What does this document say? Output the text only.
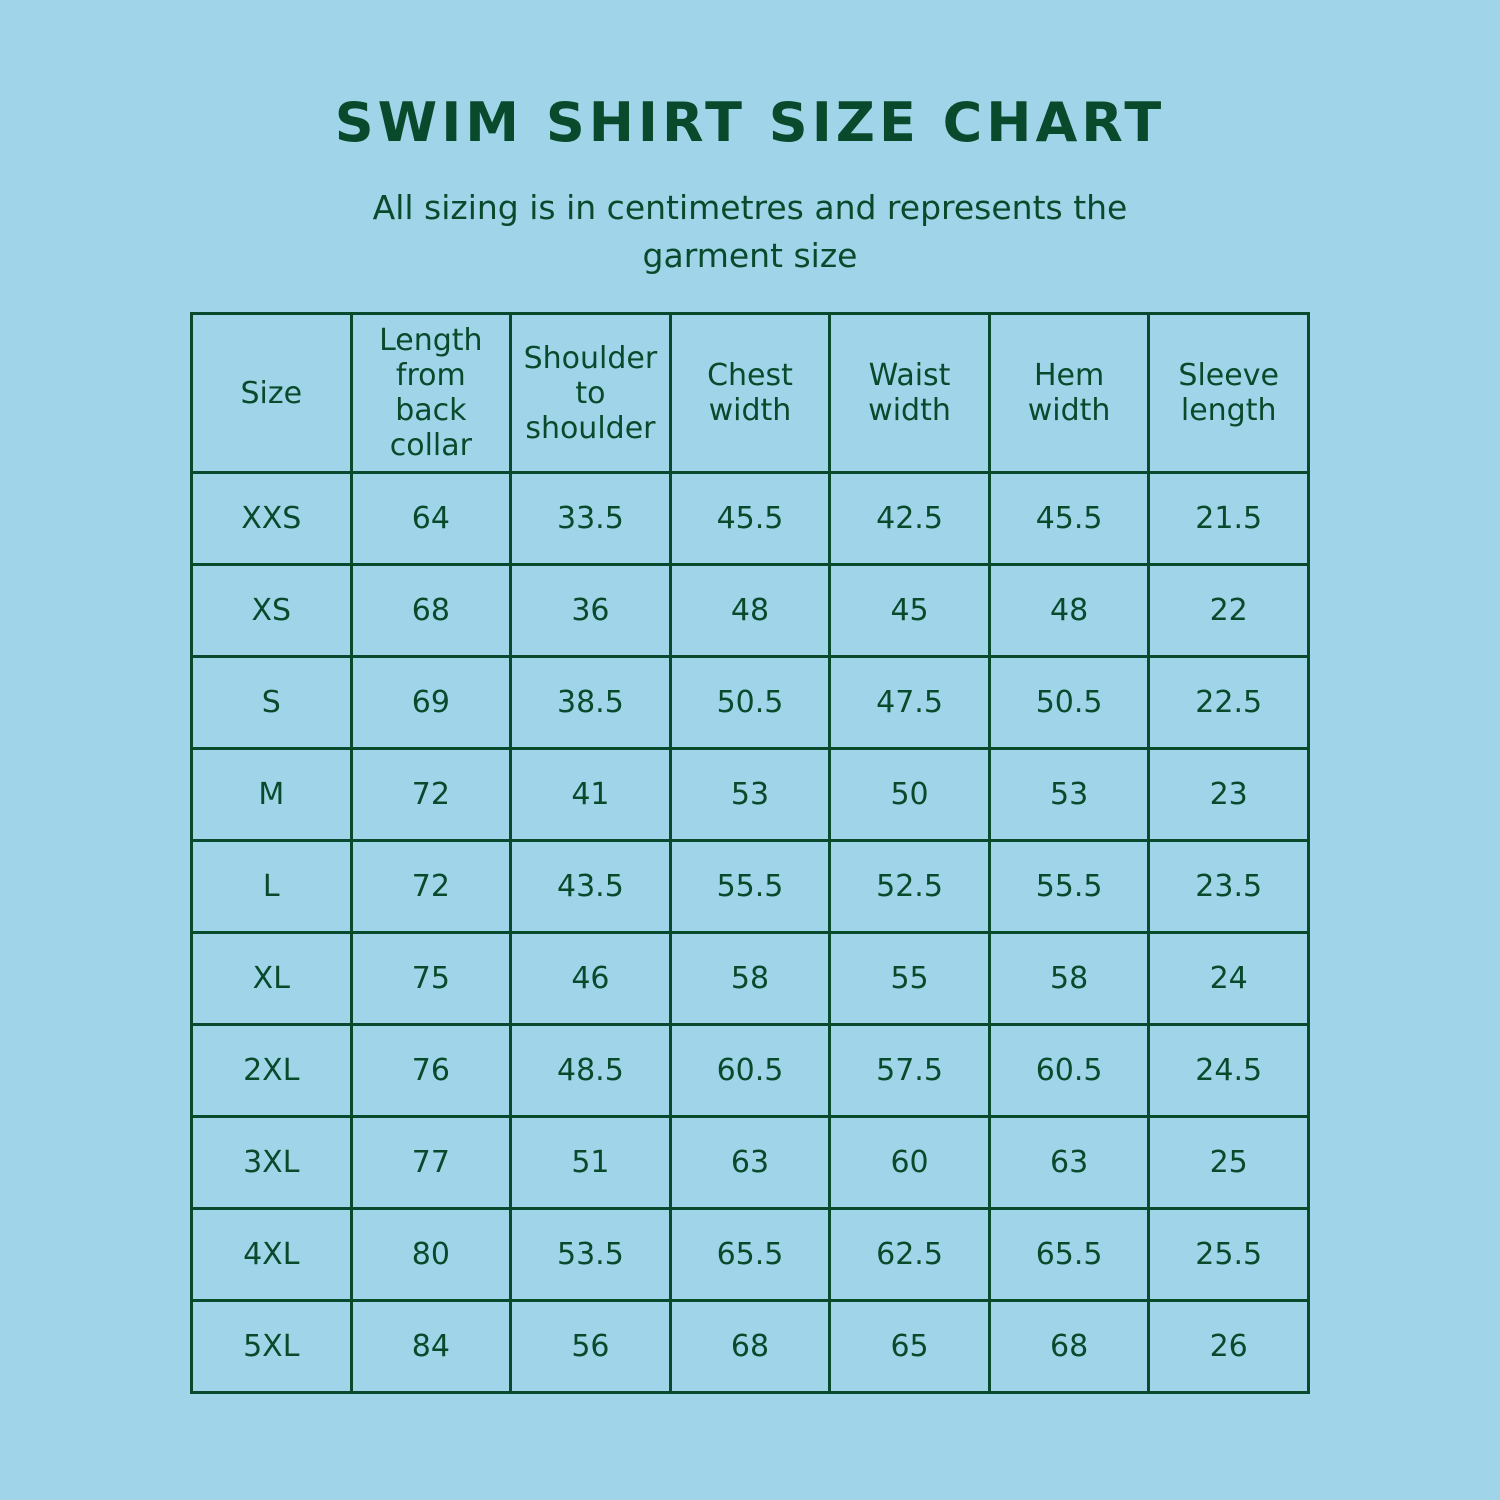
SWIM SHIRT SIZE CHART

All sizing is in centimetres and represents the garment size

Size	Length
from
back
collar	Shoulder
to
shoulder	Chest
width	Waist
width	Hem
width	Sleeve
length
XXS	64	33.5	45.5	42.5	45.5	21.5
XS	68	36	48	45	48	22
S	69	38.5	50.5	47.5	50.5	22.5
M	72	41	53	50	53	23
L	72	43.5	55.5	52.5	55.5	23.5
XL	75	46	58	55	58	24
2XL	76	48.5	60.5	57.5	60.5	24.5
3XL	77	51	63	60	63	25
4XL	80	53.5	65.5	62.5	65.5	25.5
5XL	84	56	68	65	68	26
